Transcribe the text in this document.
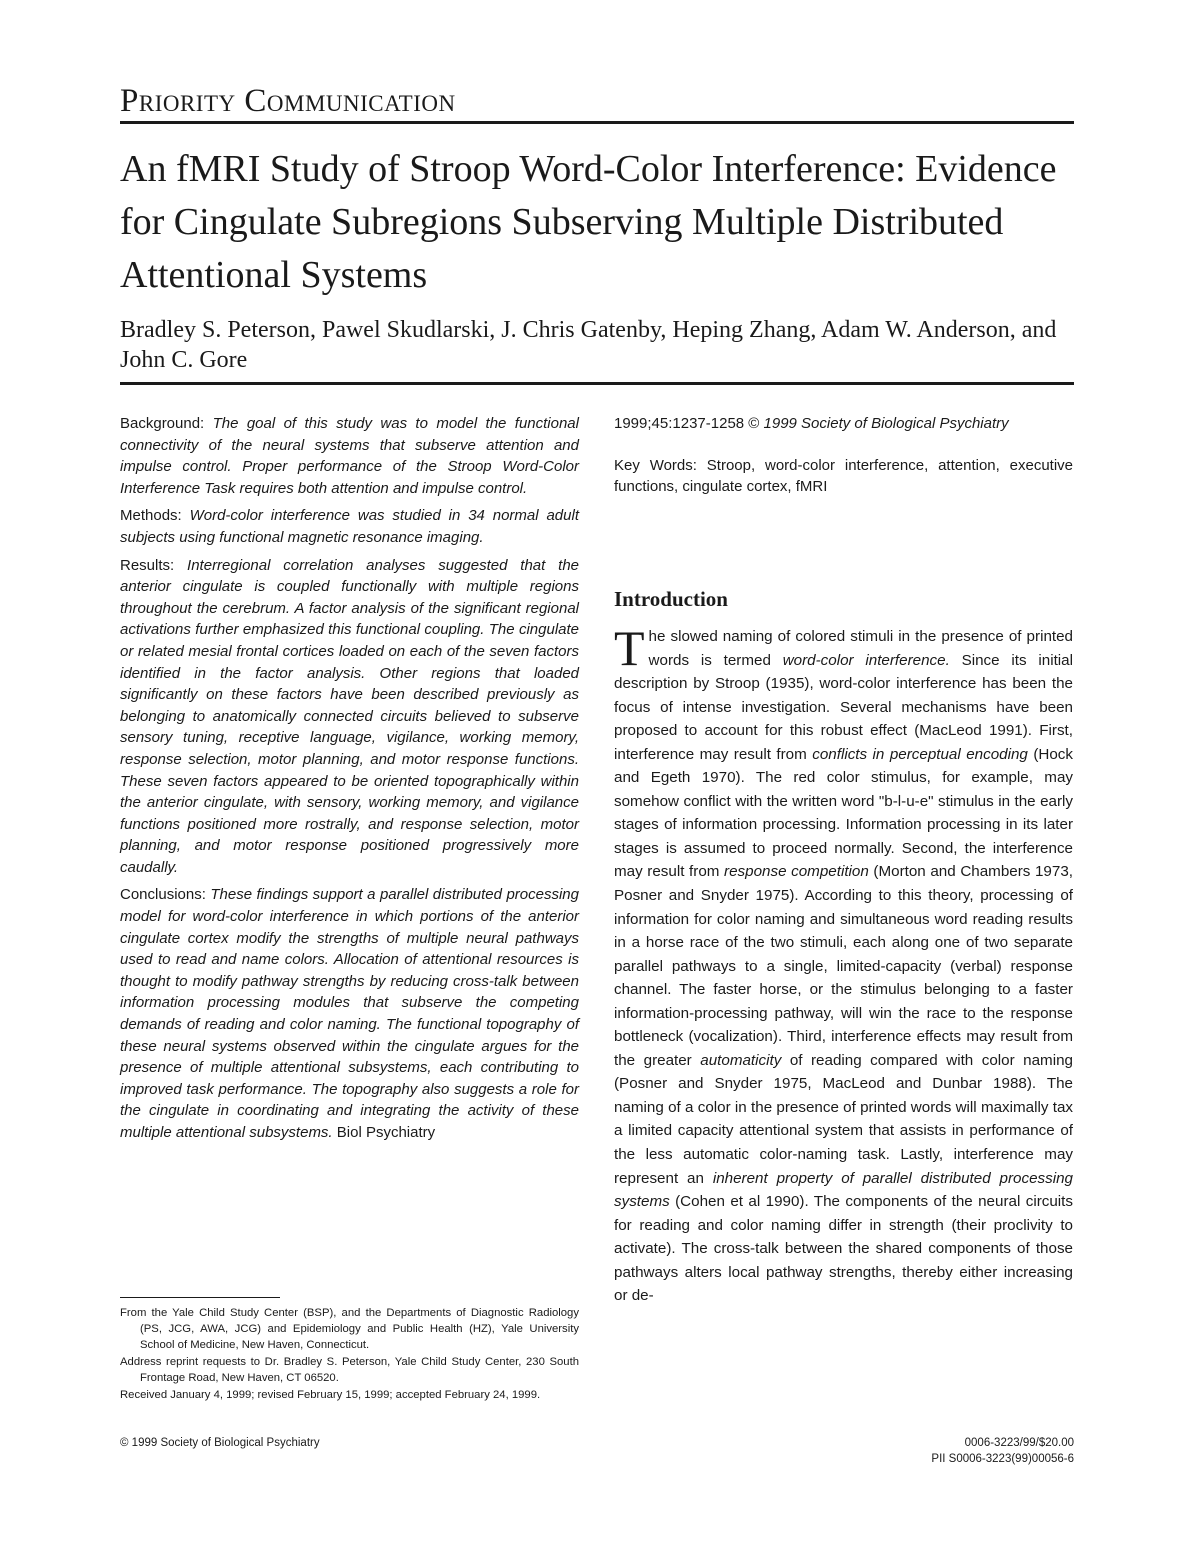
Priority Communication
An fMRI Study of Stroop Word-Color Interference: Evidence for Cingulate Subregions Subserving Multiple Distributed Attentional Systems
Bradley S. Peterson, Pawel Skudlarski, J. Chris Gatenby, Heping Zhang, Adam W. Anderson, and John C. Gore

Background: The goal of this study was to model the functional connectivity of the neural systems that subserve attention and impulse control. Proper performance of the Stroop Word-Color Interference Task requires both attention and impulse control.

Methods: Word-color interference was studied in 34 normal adult subjects using functional magnetic resonance imaging.

Results: Interregional correlation analyses suggested that the anterior cingulate is coupled functionally with multiple regions throughout the cerebrum. A factor analysis of the significant regional activations further emphasized this functional coupling. The cingulate or related mesial frontal cortices loaded on each of the seven factors identified in the factor analysis. Other regions that loaded significantly on these factors have been described previously as belonging to anatomically connected circuits believed to subserve sensory tuning, receptive language, vigilance, working memory, response selection, motor planning, and motor response functions. These seven factors appeared to be oriented topographically within the anterior cingulate, with sensory, working memory, and vigilance functions positioned more rostrally, and response selection, motor planning, and motor response positioned progressively more caudally.

Conclusions: These findings support a parallel distributed processing model for word-color interference in which portions of the anterior cingulate cortex modify the strengths of multiple neural pathways used to read and name colors. Allocation of attentional resources is thought to modify pathway strengths by reducing cross-talk between information processing modules that subserve the competing demands of reading and color naming. The functional topography of these neural systems observed within the cingulate argues for the presence of multiple attentional subsystems, each contributing to improved task performance. The topography also suggests a role for the cingulate in coordinating and integrating the activity of these multiple attentional subsystems. Biol Psychiatry

From the Yale Child Study Center (BSP), and the Departments of Diagnostic Radiology (PS, JCG, AWA, JCG) and Epidemiology and Public Health (HZ), Yale University School of Medicine, New Haven, Connecticut.

Address reprint requests to Dr. Bradley S. Peterson, Yale Child Study Center, 230 South Frontage Road, New Haven, CT 06520.

Received January 4, 1999; revised February 15, 1999; accepted February 24, 1999.

1999;45:1237-1258 © 1999 Society of Biological Psychiatry

Key Words: Stroop, word-color interference, attention, executive functions, cingulate cortex, fMRI

Introduction

The slowed naming of colored stimuli in the presence of printed words is termed word-color interference. Since its initial description by Stroop (1935), word-color interference has been the focus of intense investigation. Several mechanisms have been proposed to account for this robust effect (MacLeod 1991). First, interference may result from conflicts in perceptual encoding (Hock and Egeth 1970). The red color stimulus, for example, may somehow conflict with the written word "b-l-u-e" stimulus in the early stages of information processing. Information processing in its later stages is assumed to proceed normally. Second, the interference may result from response competition (Morton and Chambers 1973, Posner and Snyder 1975). According to this theory, processing of information for color naming and simultaneous word reading results in a horse race of the two stimuli, each along one of two separate parallel pathways to a single, limited-capacity (verbal) response channel. The faster horse, or the stimulus belonging to a faster information-processing pathway, will win the race to the response bottleneck (vocalization). Third, interference effects may result from the greater automaticity of reading compared with color naming (Posner and Snyder 1975, MacLeod and Dunbar 1988). The naming of a color in the presence of printed words will maximally tax a limited capacity attentional system that assists in performance of the less automatic color-naming task. Lastly, interference may represent an inherent property of parallel distributed processing systems (Cohen et al 1990). The components of the neural circuits for reading and color naming differ in strength (their proclivity to activate). The cross-talk between the shared components of those pathways alters local pathway strengths, thereby either increasing or de-

© 1999 Society of Biological Psychiatry	0006-3223/99/$20.00
PII S0006-3223(99)00056-6
